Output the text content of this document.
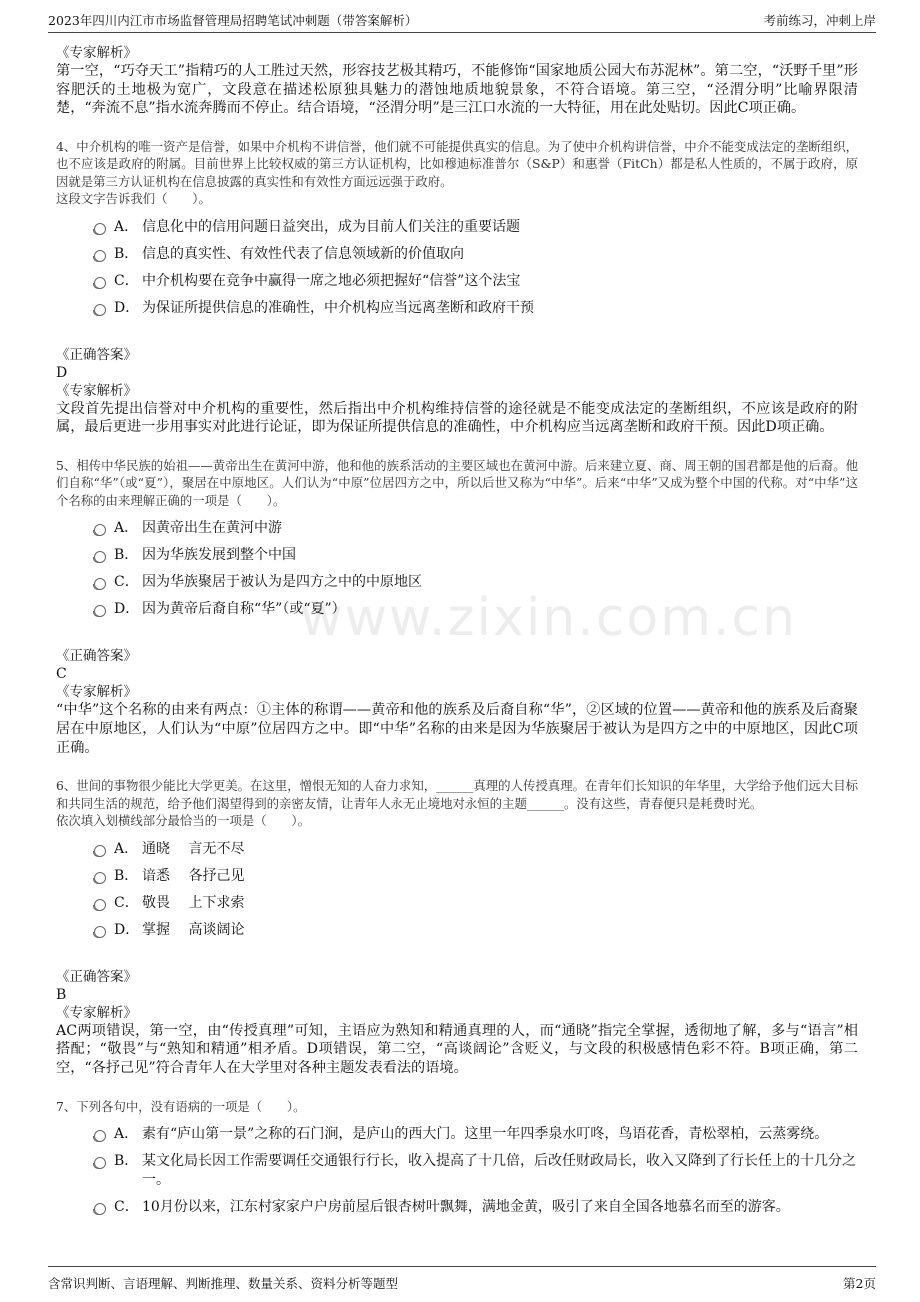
2023年四川内江市市场监督管理局招聘笔试冲刺题（带答案解析）	考前练习，冲刺上岸
www.zixin.com.cn

《专家解析》

第一空，“巧夺天工”指精巧的人工胜过天然，形容技艺极其精巧，不能修饰“国家地质公园大布苏泥林”。第二空，“沃野千里”形容肥沃的土地极为宽广，文段意在描述松原独具魅力的潜蚀地质地貌景象，不符合语境。第三空，“泾渭分明”比喻界限清楚，“奔流不息”指水流奔腾而不停止。结合语境，“泾渭分明”是三江口水流的一大特征，用在此处贴切。因此C项正确。

4、中介机构的唯一资产是信誉，如果中介机构不讲信誉，他们就不可能提供真实的信息。为了使中介机构讲信誉，中介不能变成法定的垄断组织，也不应该是政府的附属。目前世界上比较权威的第三方认证机构，比如穆迪标准普尔（S&P）和惠誉（FitCh）都是私人性质的，不属于政府，原因就是第三方认证机构在信息披露的真实性和有效性方面远远强于政府。

这段文字告诉我们（　　）。

A． 信息化中的信用问题日益突出，成为目前人们关注的重要话题
B． 信息的真实性、有效性代表了信息领域新的价值取向
C． 中介机构要在竞争中赢得一席之地必须把握好“信誉”这个法宝
D． 为保证所提供信息的准确性，中介机构应当远离垄断和政府干预

《正确答案》

D

《专家解析》

文段首先提出信誉对中介机构的重要性，然后指出中介机构维持信誉的途径就是不能变成法定的垄断组织，不应该是政府的附属，最后更进一步用事实对此进行论证，即为保证所提供信息的准确性，中介机构应当远离垄断和政府干预。因此D项正确。

5、相传中华民族的始祖——黄帝出生在黄河中游，他和他的族系活动的主要区域也在黄河中游。后来建立夏、商、周王朝的国君都是他的后裔。他们自称“华”（或“夏”），聚居在中原地区。人们认为“中原”位居四方之中，所以后世又称为“中华”。后来“中华”又成为整个中国的代称。对“中华”这个名称的由来理解正确的一项是（　　）。

A． 因黄帝出生在黄河中游
B． 因为华族发展到整个中国
C． 因为华族聚居于被认为是四方之中的中原地区
D． 因为黄帝后裔自称“华”（或“夏”）

《正确答案》

C

《专家解析》

“中华”这个名称的由来有两点：①主体的称谓——黄帝和他的族系及后裔自称“华”，②区域的位置——黄帝和他的族系及后裔聚居在中原地区，人们认为“中原”位居四方之中。即“中华”名称的由来是因为华族聚居于被认为是四方之中的中原地区，因此C项正确。

6、世间的事物很少能比大学更美。在这里，憎恨无知的人奋力求知，______真理的人传授真理。在青年们长知识的年华里，大学给予他们远大目标和共同生活的规范，给予他们渴望得到的亲密友情，让青年人永无止境地对永恒的主题______。没有这些，青春便只是耗费时光。

依次填入划横线部分最恰当的一项是（　　）。

A． 通晓　 言无不尽
B． 谙悉　 各抒己见
C． 敬畏　 上下求索
D． 掌握　 高谈阔论

《正确答案》

B

《专家解析》

AC两项错误，第一空，由“传授真理”可知，主语应为熟知和精通真理的人，而“通晓”指完全掌握，透彻地了解，多与“语言”相搭配；“敬畏”与“熟知和精通”相矛盾。D项错误，第二空，“高谈阔论”含贬义，与文段的积极感情色彩不符。B项正确，第二空，“各抒己见”符合青年人在大学里对各种主题发表看法的语境。

7、下列各句中，没有语病的一项是（　　）。

A． 素有“庐山第一景”之称的石门涧，是庐山的西大门。这里一年四季泉水叮咚，鸟语花香，青松翠柏，云蒸雾绕。
B． 某文化局长因工作需要调任交通银行行长，收入提高了十几倍，后改任财政局长，收入又降到了行长任上的十几分之一。
C． 10月份以来，江东村家家户户房前屋后银杏树叶飘舞，满地金黄，吸引了来自全国各地慕名而至的游客。
含常识判断、言语理解、判断推理、数量关系、资料分析等题型	第2页
